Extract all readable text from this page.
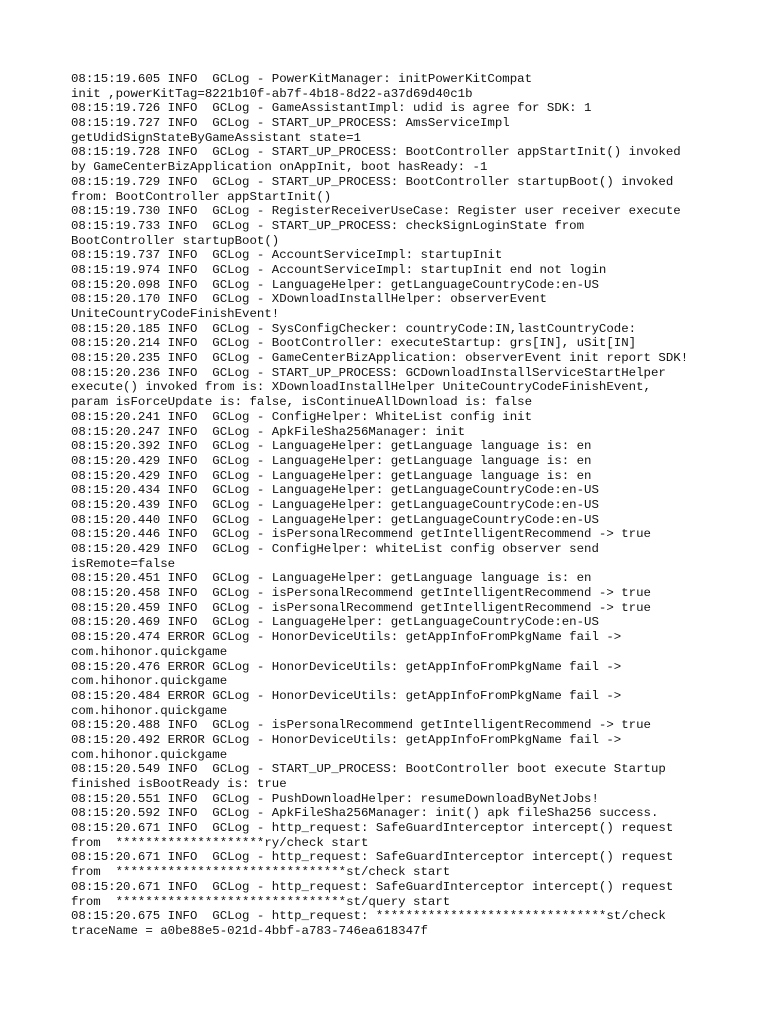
08:15:19.605 INFO  GCLog - PowerKitManager: initPowerKitCompat
init ,powerKitTag=8221b10f-ab7f-4b18-8d22-a37d69d40c1b
08:15:19.726 INFO  GCLog - GameAssistantImpl: udid is agree for SDK: 1
08:15:19.727 INFO  GCLog - START_UP_PROCESS: AmsServiceImpl
getUdidSignStateByGameAssistant state=1
08:15:19.728 INFO  GCLog - START_UP_PROCESS: BootController appStartInit() invoked
by GameCenterBizApplication onAppInit, boot hasReady: -1
08:15:19.729 INFO  GCLog - START_UP_PROCESS: BootController startupBoot() invoked
from: BootController appStartInit()
08:15:19.730 INFO  GCLog - RegisterReceiverUseCase: Register user receiver execute
08:15:19.733 INFO  GCLog - START_UP_PROCESS: checkSignLoginState from
BootController startupBoot()
08:15:19.737 INFO  GCLog - AccountServiceImpl: startupInit
08:15:19.974 INFO  GCLog - AccountServiceImpl: startupInit end not login
08:15:20.098 INFO  GCLog - LanguageHelper: getLanguageCountryCode:en-US
08:15:20.170 INFO  GCLog - XDownloadInstallHelper: observerEvent
UniteCountryCodeFinishEvent!
08:15:20.185 INFO  GCLog - SysConfigChecker: countryCode:IN,lastCountryCode:
08:15:20.214 INFO  GCLog - BootController: executeStartup: grs[IN], uSit[IN]
08:15:20.235 INFO  GCLog - GameCenterBizApplication: observerEvent init report SDK!
08:15:20.236 INFO  GCLog - START_UP_PROCESS: GCDownloadInstallServiceStartHelper
execute() invoked from is: XDownloadInstallHelper UniteCountryCodeFinishEvent,
param isForceUpdate is: false, isContinueAllDownload is: false
08:15:20.241 INFO  GCLog - ConfigHelper: WhiteList config init
08:15:20.247 INFO  GCLog - ApkFileSha256Manager: init
08:15:20.392 INFO  GCLog - LanguageHelper: getLanguage language is: en
08:15:20.429 INFO  GCLog - LanguageHelper: getLanguage language is: en
08:15:20.429 INFO  GCLog - LanguageHelper: getLanguage language is: en
08:15:20.434 INFO  GCLog - LanguageHelper: getLanguageCountryCode:en-US
08:15:20.439 INFO  GCLog - LanguageHelper: getLanguageCountryCode:en-US
08:15:20.440 INFO  GCLog - LanguageHelper: getLanguageCountryCode:en-US
08:15:20.446 INFO  GCLog - isPersonalRecommend getIntelligentRecommend -> true
08:15:20.429 INFO  GCLog - ConfigHelper: whiteList config observer send
isRemote=false
08:15:20.451 INFO  GCLog - LanguageHelper: getLanguage language is: en
08:15:20.458 INFO  GCLog - isPersonalRecommend getIntelligentRecommend -> true
08:15:20.459 INFO  GCLog - isPersonalRecommend getIntelligentRecommend -> true
08:15:20.469 INFO  GCLog - LanguageHelper: getLanguageCountryCode:en-US
08:15:20.474 ERROR GCLog - HonorDeviceUtils: getAppInfoFromPkgName fail ->
com.hihonor.quickgame
08:15:20.476 ERROR GCLog - HonorDeviceUtils: getAppInfoFromPkgName fail ->
com.hihonor.quickgame
08:15:20.484 ERROR GCLog - HonorDeviceUtils: getAppInfoFromPkgName fail ->
com.hihonor.quickgame
08:15:20.488 INFO  GCLog - isPersonalRecommend getIntelligentRecommend -> true
08:15:20.492 ERROR GCLog - HonorDeviceUtils: getAppInfoFromPkgName fail ->
com.hihonor.quickgame
08:15:20.549 INFO  GCLog - START_UP_PROCESS: BootController boot execute Startup
finished isBootReady is: true
08:15:20.551 INFO  GCLog - PushDownloadHelper: resumeDownloadByNetJobs!
08:15:20.592 INFO  GCLog - ApkFileSha256Manager: init() apk fileSha256 success.
08:15:20.671 INFO  GCLog - http_request: SafeGuardInterceptor intercept() request
from  ********************ry/check start
08:15:20.671 INFO  GCLog - http_request: SafeGuardInterceptor intercept() request
from  *******************************st/check start
08:15:20.671 INFO  GCLog - http_request: SafeGuardInterceptor intercept() request
from  *******************************st/query start
08:15:20.675 INFO  GCLog - http_request: *******************************st/check
traceName = a0be88e5-021d-4bbf-a783-746ea618347f
